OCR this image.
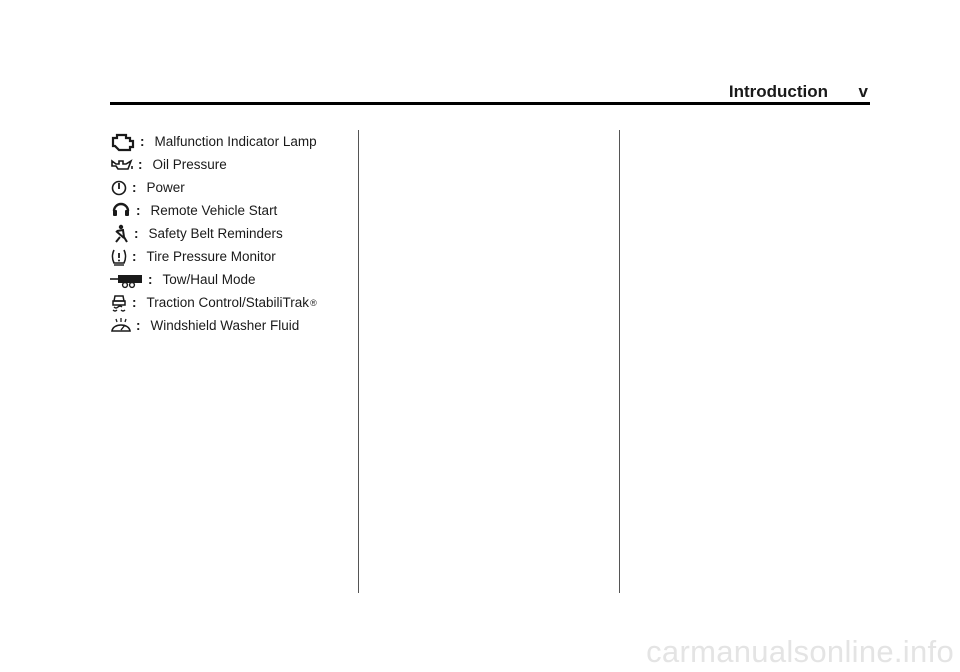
Introduction v
: Malfunction Indicator Lamp
: Oil Pressure
: Power
: Remote Vehicle Start
: Safety Belt Reminders
: Tire Pressure Monitor
: Tow/Haul Mode
: Traction Control/StabiliTrak ®
: Windshield Washer Fluid
carmanualsonline.info
